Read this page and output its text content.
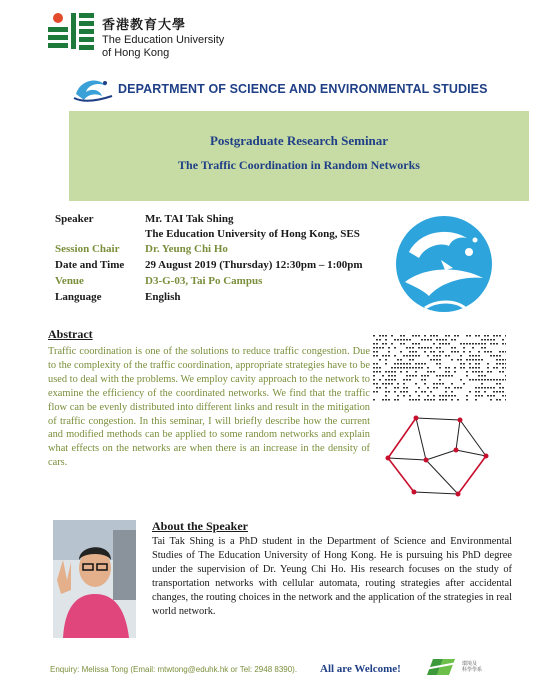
香港教育大學
The Education University
of Hong Kong
DEPARTMENT OF SCIENCE AND ENVIRONMENTAL STUDIES
Postgraduate Research Seminar
The Traffic Coordination in Random Networks
Speaker	Mr. TAI Tak Shing
The Education University of Hong Kong, SES
Session Chair Dr. Yeung Chi Ho
Date and Time 29 August 2019 (Thursday) 12:30pm – 1:00pm
Venue	D3-G-03, Tai Po Campus
Language	English
Abstract
Traffic coordination is one of the solutions to reduce traffic congestion. Due to the complexity of the traffic coordination, appropriate strategies have to be used to deal with the problems. We employ cavity approach to the network to examine the efficiency of the coordinated networks. We find that the traffic flow can be evenly distributed into different links and result in the mitigation of traffic congestion. In this seminar, I will briefly describe how the current and modified methods can be applied to some random networks and explain what effects on the networks are when there is an increase in the density of cars.
About the Speaker
Tai Tak Shing is a PhD student in the Department of Science and Environmental Studies of The Education University of Hong Kong. He is pursuing his PhD degree under the supervision of Dr. Yeung Chi Ho. His research focuses on the study of transportation networks with cellular automata, routing strategies after accidental changes, the routing choices in the network and the application of the strategies in real world network.
Enquiry: Melissa Tong (Email: mtwtong@eduhk.hk or Tel: 2948 8390). All are Welcome!	環境及
科學學系
